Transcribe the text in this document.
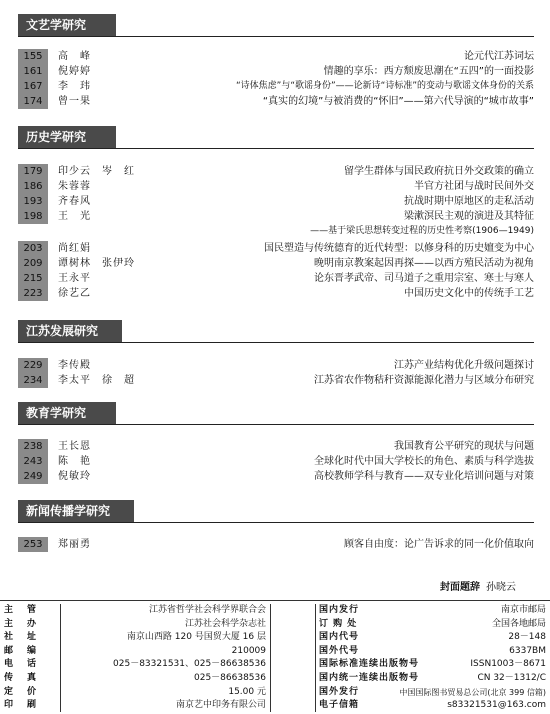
文艺学研究
155	高　峰	论元代江苏词坛
161	倪婷婷	情趣的享乐：西方颓废思潮在“五四”的一面投影
167	李　玮	“诗体焦虑”与“歌谣身份”——论新诗“诗标准”的变动与歌谣文体身份的关系
174	曾一果	“真实的幻境”与被消费的“怀旧”——第六代导演的“城市故事”
历史学研究
179	印少云　岑　红	留学生群体与国民政府抗日外交政策的确立
186	朱蓉蓉	半官方社团与战时民间外交
193	齐春风	抗战时期中原地区的走私活动
198	王　光	梁漱溟民主观的演进及其特征
——基于梁氏思想转变过程的历史性考察(1906—1949)
203	尚红娟	国民塑造与传统德育的近代转型：以修身科的历史嬗变为中心
209	谭树林　张伊玲	晚明南京教案起因再探——以西方殖民活动为视角
215	王永平	论东晋孝武帝、司马道子之重用宗室、寒士与寒人
223	徐艺乙	中国历史文化中的传统手工艺
江苏发展研究
229	李传殿	江苏产业结构优化升级问题探讨
234	李太平　徐　超	江苏省农作物秸秆资源能源化潜力与区域分布研究
教育学研究
238	王长恩	我国教育公平研究的现状与问题
243	陈　艳	全球化时代中国大学校长的角色、素质与科学选拔
249	倪敏玲	高校教师学科与教育——双专业化培训问题与对策
新闻传播学研究
253	郑丽勇	顾客自由度：论广告诉求的同一化价值取向
封面题辞 孙晓云
主管	江苏省哲学社会科学界联合会
主办	江苏社会科学杂志社
社址	南京山西路 120 号国贸大厦 16 层
邮编	210009
电话	025－83321531、025－86638536
传真	025－86638536
定价	15.00 元
印刷	南京艺中印务有限公司
国内发行	南京市邮局
订 购 处	全国各地邮局
国内代号	28－148
国外代号	6337BM
国际标准连续出版物号	ISSN1003－8671
国内统一连续出版物号	CN 32－1312/C
国外发行	中国国际图书贸易总公司(北京 399 信箱)
电子信箱	s83321531@163.com
